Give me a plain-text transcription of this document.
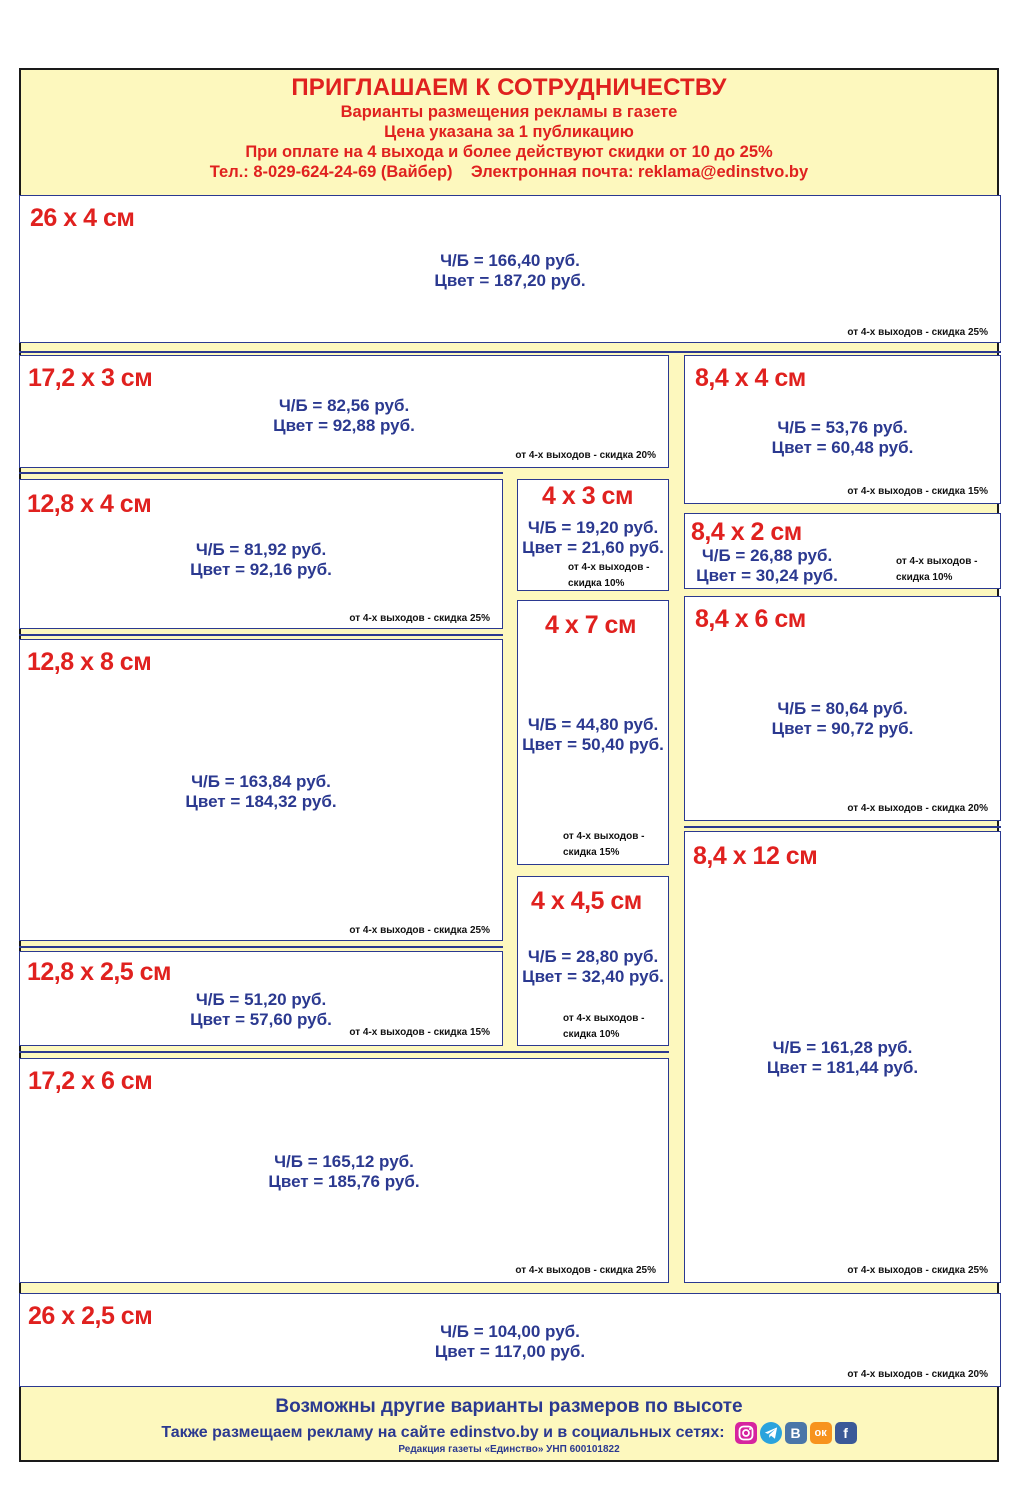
ПРИГЛАШАЕМ К СОТРУДНИЧЕСТВУ
Варианты размещения рекламы в газете
Цена указана за 1 публикацию
При оплате на 4 выхода и более действуют скидки от 10 до 25%
Тел.: 8-029-624-24-69 (Вайбер)    Электронная почта: reklama@edinstvo.by
26 х 4 см
Ч/Б = 166,40 руб.
Цвет = 187,20 руб.
от 4-х выходов - скидка 25%
17,2 х 3 см
Ч/Б = 82,56 руб.
Цвет = 92,88 руб.
от 4-х выходов - скидка 20%
8,4 х 4 см
Ч/Б = 53,76 руб.
Цвет = 60,48 руб.
от 4-х выходов - скидка 15%
12,8 х 4 см
Ч/Б = 81,92 руб.
Цвет = 92,16 руб.
от 4-х выходов - скидка 25%
4 х 3 см
Ч/Б = 19,20 руб.
Цвет = 21,60 руб.
от 4-х выходов -
скидка 10%
8,4 х 2 см
Ч/Б = 26,88 руб.
Цвет = 30,24 руб.
от 4-х выходов -
скидка 10%
4 х 7 см
Ч/Б = 44,80 руб.
Цвет = 50,40 руб.
от 4-х выходов -
скидка 15%
8,4 х 6 см
Ч/Б = 80,64 руб.
Цвет = 90,72 руб.
от 4-х выходов - скидка 20%
12,8 х 8 см
Ч/Б = 163,84 руб.
Цвет = 184,32 руб.
от 4-х выходов - скидка 25%
8,4 х 12 см
Ч/Б = 161,28 руб.
Цвет = 181,44 руб.
от 4-х выходов - скидка 25%
4 х 4,5 см
Ч/Б = 28,80 руб.
Цвет = 32,40 руб.
от 4-х выходов -
скидка 10%
12,8 х 2,5 см
Ч/Б = 51,20 руб.
Цвет = 57,60 руб.
от 4-х выходов - скидка 15%
17,2 х 6 см
Ч/Б = 165,12 руб.
Цвет = 185,76 руб.
от 4-х выходов - скидка 25%
26 х 2,5 см
Ч/Б = 104,00 руб.
Цвет = 117,00 руб.
от 4-х выходов - скидка 20%
Возможны другие варианты размеров по высоте
Также размещаем рекламу на сайте edinstvo.by и в социальных сетях:	В	ок	f
Редакция газеты «Единство» УНП 600101822
